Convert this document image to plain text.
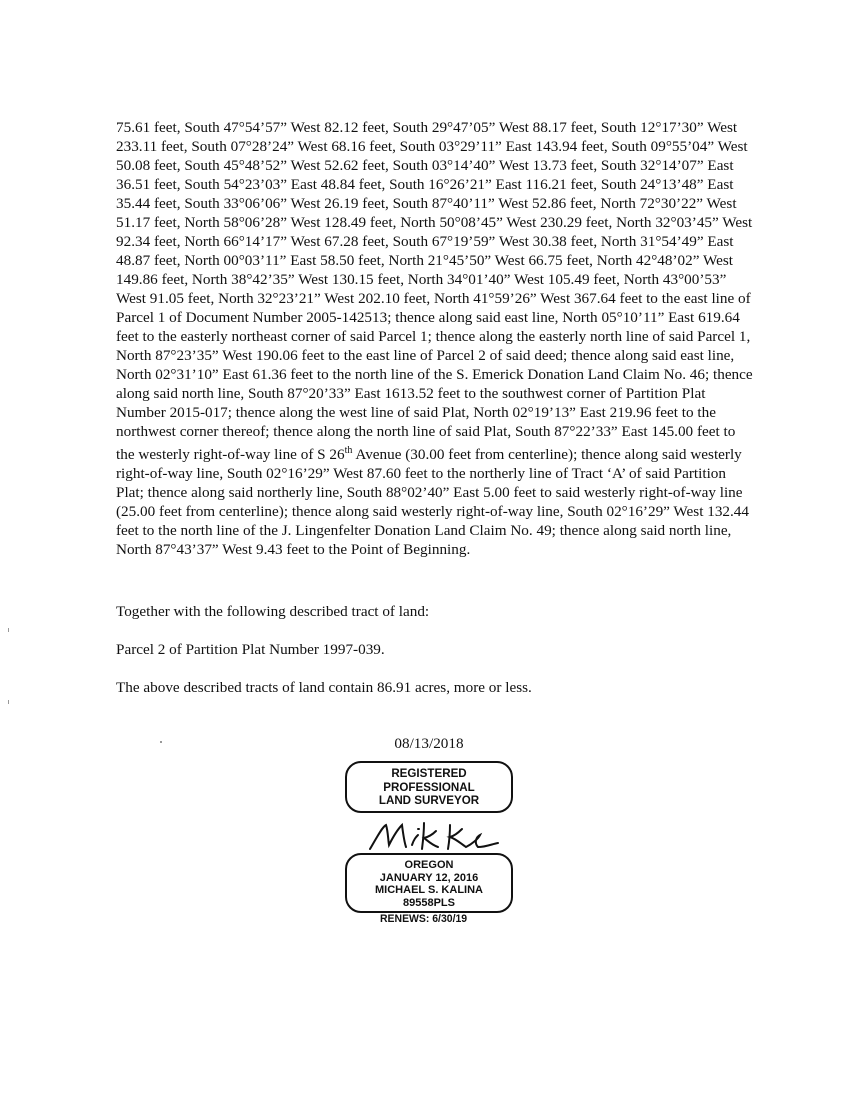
75.61 feet, South 47°54’57” West 82.12 feet, South 29°47’05” West 88.17 feet, South 12°17’30” West 233.11 feet, South 07°28’24” West 68.16 feet, South 03°29’11” East 143.94 feet, South 09°55’04” West 50.08 feet, South 45°48’52” West 52.62 feet, South 03°14’40” West 13.73 feet, South 32°14’07” East 36.51 feet, South 54°23’03” East 48.84 feet, South 16°26’21” East 116.21 feet, South 24°13’48” East 35.44 feet, South 33°06’06” West 26.19 feet, South 87°40’11” West 52.86 feet, North 72°30’22” West 51.17 feet, North 58°06’28” West 128.49 feet, North 50°08’45” West 230.29 feet, North 32°03’45” West 92.34 feet, North 66°14’17” West 67.28 feet, South 67°19’59” West 30.38 feet, North 31°54’49” East 48.87 feet, North 00°03’11” East 58.50 feet, North 21°45’50” West 66.75 feet, North 42°48’02” West 149.86 feet, North 38°42’35” West 130.15 feet, North 34°01’40” West 105.49 feet, North 43°00’53” West 91.05 feet, North 32°23’21” West 202.10 feet, North 41°59’26” West 367.64 feet to the east line of Parcel 1 of Document Number 2005-142513; thence along said east line, North 05°10’11” East 619.64 feet to the easterly northeast corner of said Parcel 1; thence along the easterly north line of said Parcel 1, North 87°23’35” West 190.06 feet to the east line of Parcel 2 of said deed; thence along said east line, North 02°31’10” East 61.36 feet to the north line of the S. Emerick Donation Land Claim No. 46; thence along said north line, South 87°20’33” East 1613.52 feet to the southwest corner of Partition Plat Number 2015-017; thence along the west line of said Plat, North 02°19’13” East 219.96 feet to the northwest corner thereof; thence along the north line of said Plat, South 87°22’33” East 145.00 feet to the westerly right-of-way line of S 26th Avenue (30.00 feet from centerline); thence along said westerly right-of-way line, South 02°16’29” West 87.60 feet to the northerly line of Tract ‘A’ of said Partition Plat; thence along said northerly line, South 88°02’40” East 5.00 feet to said westerly right-of-way line (25.00 feet from centerline); thence along said westerly right-of-way line, South 02°16’29” West 132.44 feet to the north line of the J. Lingenfelter Donation Land Claim No. 49; thence along said north line, North 87°43’37” West 9.43 feet to the Point of Beginning.

Together with the following described tract of land:

Parcel 2 of Partition Plat Number 1997-039.

The above described tracts of land contain 86.91 acres, more or less.

08/13/2018
REGISTERED
PROFESSIONAL
LAND SURVEYOR
OREGON
JANUARY 12, 2016
MICHAEL S. KALINA
89558PLS
RENEWS: 6/30/19
